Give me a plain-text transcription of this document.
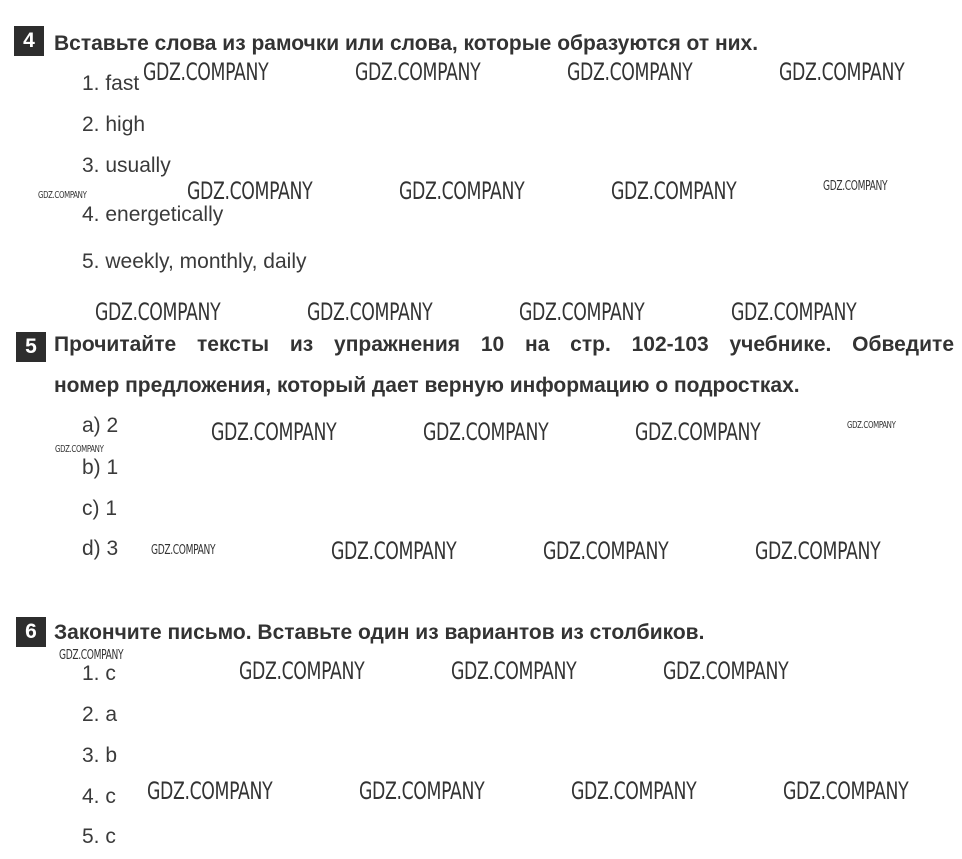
4 Вставьте слова из рамочки или слова, которые образуются от них.
1. fast
2. high
3. usually
4. energetically
5. weekly, monthly, daily
5 Прочитайте тексты из упражнения 10 на стр. 102-103 учебнике. Обведите
номер предложения, который дает верную информацию о подростках.
a) 2
b) 1
c) 1
d) 3
6 Закончите письмо. Вставьте один из вариантов из столбиков.
1. c
2. a
3. b
4. c
5. c
GDZ.COMPANY	GDZ.COMPANY	GDZ.COMPANY	GDZ.COMPANY
GDZ.COMPANY	GDZ.COMPANY	GDZ.COMPANY	GDZ.COMPANY	GDZ.COMPANY
GDZ.COMPANY	GDZ.COMPANY	GDZ.COMPANY	GDZ.COMPANY
GDZ.COMPANY	GDZ.COMPANY	GDZ.COMPANY	GDZ.COMPANY
GDZ.COMPANY
GDZ.COMPANY	GDZ.COMPANY	GDZ.COMPANY	GDZ.COMPANY
GDZ.COMPANY
GDZ.COMPANY	GDZ.COMPANY	GDZ.COMPANY
GDZ.COMPANY	GDZ.COMPANY	GDZ.COMPANY	GDZ.COMPANY
